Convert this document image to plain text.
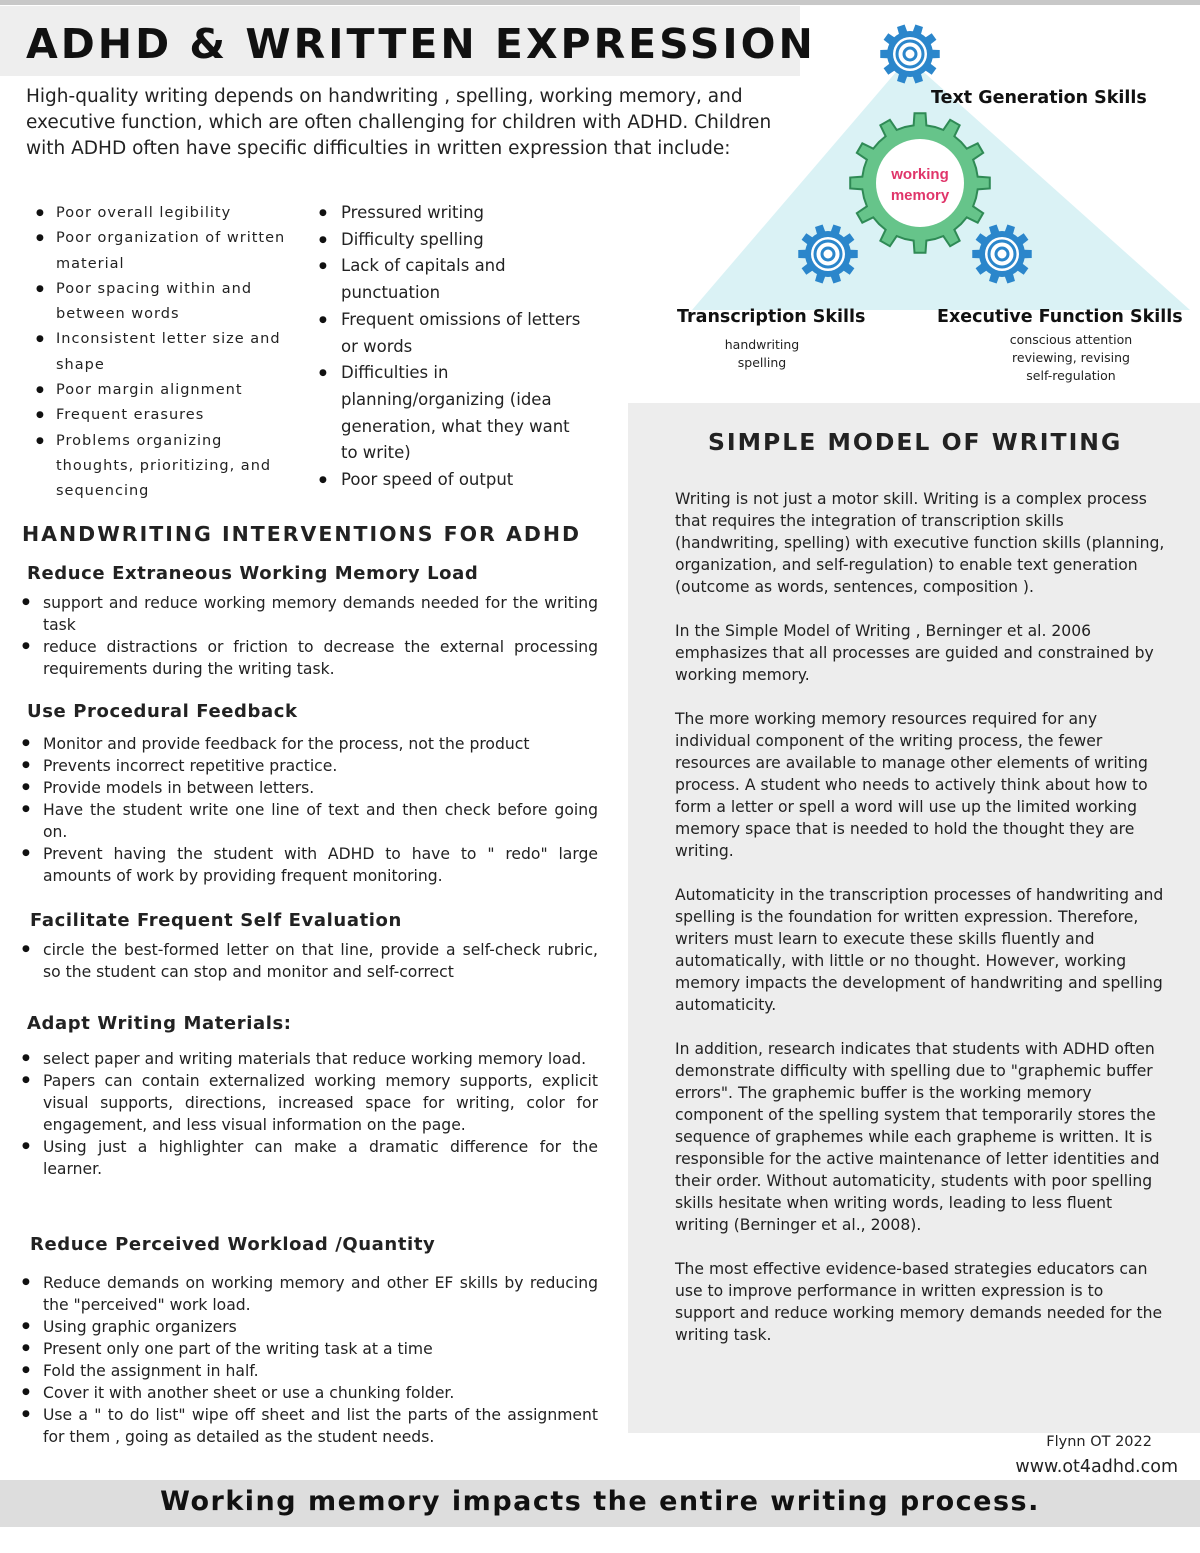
ADHD & WRITTEN EXPRESSION
High-quality writing depends on handwriting , spelling, working memory, and executive function, which are often challenging for children with ADHD. Children with ADHD often have specific difficulties in written expression that include:
● Poor overall legibility
● Poor organization of written material
● Poor spacing within and between words
● Inconsistent letter size and shape
● Poor margin alignment
● Frequent erasures
● Problems organizing thoughts, prioritizing, and sequencing
● Pressured writing
● Difficulty spelling
● Lack of capitals and punctuation
● Frequent omissions of letters or words
● Difficulties in planning/organizing (idea generation, what they want to write)
● Poor speed of output
working
memory
Text Generation Skills
Transcription Skills
handwriting
spelling
Executive Function Skills
conscious attention
reviewing, revising
self-regulation
HANDWRITING INTERVENTIONS FOR ADHD
Reduce Extraneous Working Memory Load
● support and reduce working memory demands needed for the writing task
● reduce distractions or friction to decrease the external processing requirements during the writing task.
Use Procedural Feedback
● Monitor and provide feedback for the process, not the product
● Prevents incorrect repetitive practice.
● Provide models in between letters.
● Have the student write one line of text and then check before going on.
● Prevent having the student with ADHD to have to " redo" large amounts of work by providing frequent monitoring.
Facilitate Frequent Self Evaluation
● circle the best-formed letter on that line, provide a self-check rubric, so the student can stop and monitor and self-correct
Adapt Writing Materials:
● select paper and writing materials that reduce working memory load.
● Papers can contain externalized working memory supports, explicit visual supports, directions, increased space for writing, color for engagement, and less visual information on the page.
● Using just a highlighter can make a dramatic difference for the learner.
Reduce Perceived Workload /Quantity
● Reduce demands on working memory and other EF skills by reducing the "perceived" work load.
● Using graphic organizers
● Present only one part of the writing task at a time
● Fold the assignment in half.
● Cover it with another sheet or use a chunking folder.
● Use a " to do list" wipe off sheet and list the parts of the assignment for them , going as detailed as the student needs.
SIMPLE MODEL OF WRITING

Writing is not just a motor skill. Writing is a complex process that requires the integration of transcription skills (handwriting, spelling) with executive function skills (planning, organization, and self-regulation) to enable text generation (outcome as words, sentences, composition ).

In the Simple Model of Writing , Berninger et al. 2006 emphasizes that all processes are guided and constrained by working memory.

The more working memory resources required for any individual component of the writing process, the fewer resources are available to manage other elements of writing process. A student who needs to actively think about how to form a letter or spell a word will use up the limited working memory space that is needed to hold the thought they are writing.

Automaticity in the transcription processes of handwriting and spelling is the foundation for written expression. Therefore, writers must learn to execute these skills fluently and automatically, with little or no thought. However, working memory impacts the development of handwriting and spelling automaticity.

In addition, research indicates that students with ADHD often demonstrate difficulty with spelling due to "graphemic buffer errors". The graphemic buffer is the working memory component of the spelling system that temporarily stores the sequence of graphemes while each grapheme is written. It is responsible for the active maintenance of letter identities and their order. Without automaticity, students with poor spelling skills hesitate when writing words, leading to less fluent writing (Berninger et al., 2008).

The most effective evidence-based strategies educators can use to improve performance in written expression is to support and reduce working memory demands needed for the writing task.

Flynn OT 2022
www.ot4adhd.com
Working memory impacts the entire writing process.
